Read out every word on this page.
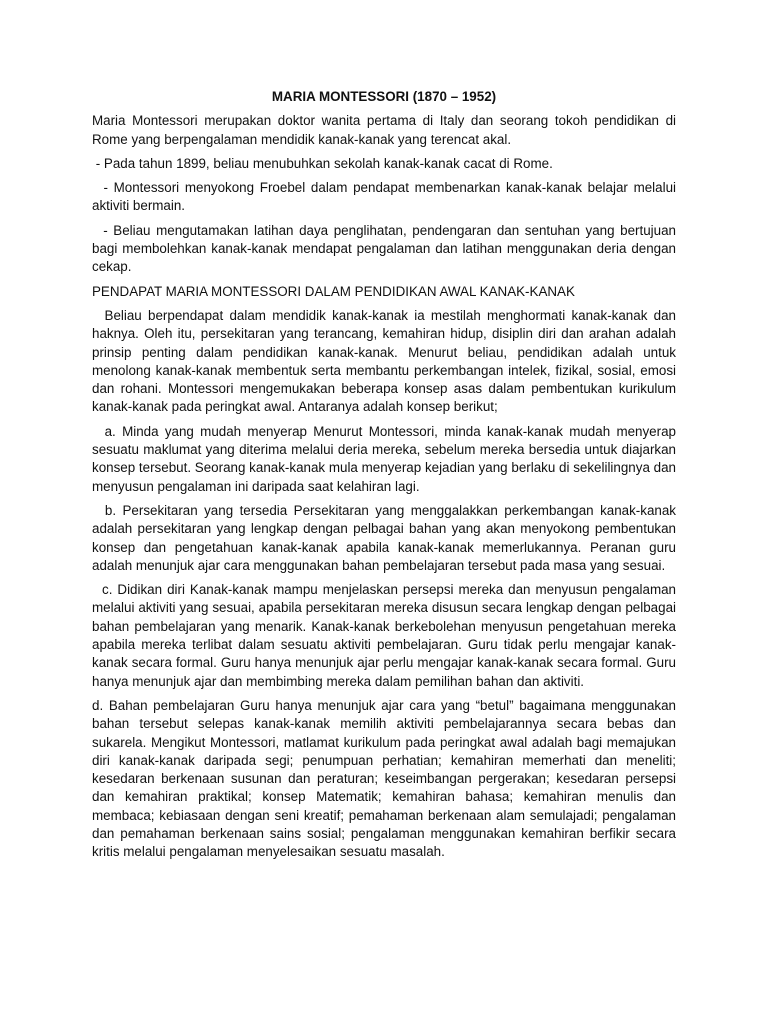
MARIA MONTESSORI (1870 – 1952)

Maria Montessori merupakan doktor wanita pertama di Italy dan seorang tokoh pendidikan di Rome yang berpengalaman mendidik kanak-kanak yang terencat akal.

- Pada tahun 1899, beliau menubuhkan sekolah kanak-kanak cacat di Rome.

- Montessori menyokong Froebel dalam pendapat membenarkan kanak-kanak belajar melalui aktiviti bermain.

- Beliau mengutamakan latihan daya penglihatan, pendengaran dan sentuhan yang bertujuan bagi membolehkan kanak-kanak mendapat pengalaman dan latihan menggunakan deria dengan cekap.

PENDAPAT MARIA MONTESSORI DALAM PENDIDIKAN AWAL KANAK-KANAK

Beliau berpendapat dalam mendidik kanak-kanak ia mestilah menghormati kanak-kanak dan haknya. Oleh itu, persekitaran yang terancang, kemahiran hidup, disiplin diri dan arahan adalah prinsip penting dalam pendidikan kanak-kanak. Menurut beliau, pendidikan adalah untuk menolong kanak-kanak membentuk serta membantu perkembangan intelek, fizikal, sosial, emosi dan rohani. Montessori mengemukakan beberapa konsep asas dalam pembentukan kurikulum kanak-kanak pada peringkat awal. Antaranya adalah konsep berikut;

a. Minda yang mudah menyerap Menurut Montessori, minda kanak-kanak mudah menyerap sesuatu maklumat yang diterima melalui deria mereka, sebelum mereka bersedia untuk diajarkan konsep tersebut. Seorang kanak-kanak mula menyerap kejadian yang berlaku di sekelilingnya dan menyusun pengalaman ini daripada saat kelahiran lagi.

b. Persekitaran yang tersedia Persekitaran yang menggalakkan perkembangan kanak-kanak adalah persekitaran yang lengkap dengan pelbagai bahan yang akan menyokong pembentukan konsep dan pengetahuan kanak-kanak apabila kanak-kanak memerlukannya. Peranan guru adalah menunjuk ajar cara menggunakan bahan pembelajaran tersebut pada masa yang sesuai.

c. Didikan diri Kanak-kanak mampu menjelaskan persepsi mereka dan menyusun pengalaman melalui aktiviti yang sesuai, apabila persekitaran mereka disusun secara lengkap dengan pelbagai bahan pembelajaran yang menarik. Kanak-kanak berkebolehan menyusun pengetahuan mereka apabila mereka terlibat dalam sesuatu aktiviti pembelajaran. Guru tidak perlu mengajar kanak-kanak secara formal. Guru hanya menunjuk ajar perlu mengajar kanak-kanak secara formal. Guru hanya menunjuk ajar dan membimbing mereka dalam pemilihan bahan dan aktiviti.

d. Bahan pembelajaran Guru hanya menunjuk ajar cara yang “betul” bagaimana menggunakan bahan tersebut selepas kanak-kanak memilih aktiviti pembelajarannya secara bebas dan sukarela. Mengikut Montessori, matlamat kurikulum pada peringkat awal adalah bagi memajukan diri kanak-kanak daripada segi; penumpuan perhatian; kemahiran memerhati dan meneliti; kesedaran berkenaan susunan dan peraturan; keseimbangan pergerakan; kesedaran persepsi dan kemahiran praktikal; konsep Matematik; kemahiran bahasa; kemahiran menulis dan membaca; kebiasaan dengan seni kreatif; pemahaman berkenaan alam semulajadi; pengalaman dan pemahaman berkenaan sains sosial; pengalaman menggunakan kemahiran berfikir secara kritis melalui pengalaman menyelesaikan sesuatu masalah.
